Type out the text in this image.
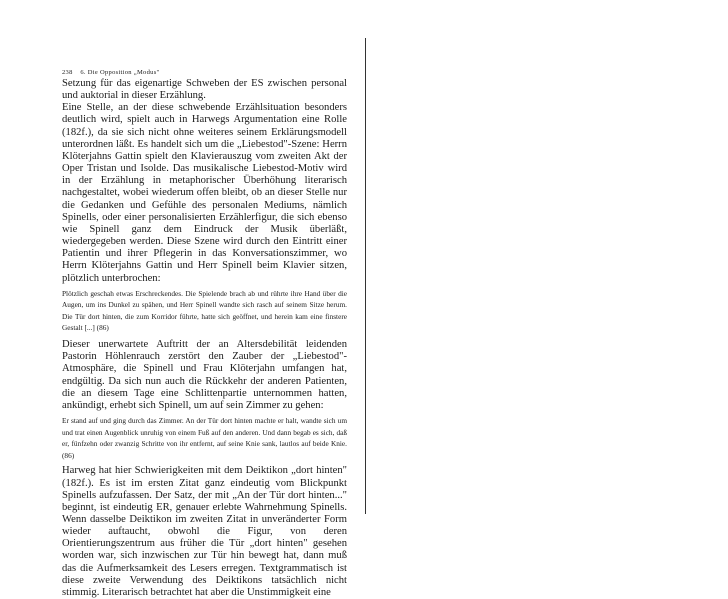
238 6. Die Opposition „Modus"

Setzung für das eigenartige Schweben der ES zwischen personal und auktorial in dieser Erzählung.

Eine Stelle, an der diese schwebende Erzählsituation besonders deutlich wird, spielt auch in Harwegs Argumentation eine Rolle (182f.), da sie sich nicht ohne weiteres seinem Erklärungsmodell unterordnen läßt. Es handelt sich um die „Liebestod"-Szene: Herrn Klöterjahns Gattin spielt den Klavierauszug vom zweiten Akt der Oper Tristan und Isolde. Das musikalische Liebestod-Motiv wird in der Erzählung in metaphorischer Überhöhung literarisch nachgestaltet, wobei wiederum offen bleibt, ob an dieser Stelle nur die Gedanken und Gefühle des personalen Mediums, nämlich Spinells, oder einer personalisierten Erzählerfigur, die sich ebenso wie Spinell ganz dem Eindruck der Musik überläßt, wiedergegeben werden. Diese Szene wird durch den Eintritt einer Patientin und ihrer Pflegerin in das Konversationszimmer, wo Herrn Klöterjahns Gattin und Herr Spinell beim Klavier sitzen, plötzlich unterbrochen:

Plötzlich geschah etwas Erschreckendes. Die Spielende brach ab und rührte ihre Hand über die Augen, um ins Dunkel zu spähen, und Herr Spinell wandte sich rasch auf seinem Sitze herum. Die Tür dort hinten, die zum Korridor führte, hatte sich geöffnet, und herein kam eine finstere Gestalt [...] (86)

Dieser unerwartete Auftritt der an Altersdebilität leidenden Pastorin Höhlenrauch zerstört den Zauber der „Liebestod"-Atmosphäre, die Spinell und Frau Klöterjahn umfangen hat, endgültig. Da sich nun auch die Rückkehr der anderen Patienten, die an diesem Tage eine Schlittenpartie unternommen hatten, ankündigt, erhebt sich Spinell, um auf sein Zimmer zu gehen:

Er stand auf und ging durch das Zimmer. An der Tür dort hinten machte er halt, wandte sich um und trat einen Augenblick unruhig von einem Fuß auf den anderen. Und dann begab es sich, daß er, fünfzehn oder zwanzig Schritte von ihr entfernt, auf seine Knie sank, lautlos auf beide Knie. (86)

Harweg hat hier Schwierigkeiten mit dem Deiktikon „dort hinten" (182f.). Es ist im ersten Zitat ganz eindeutig vom Blickpunkt Spinells aufzufassen. Der Satz, der mit „An der Tür dort hinten..." beginnt, ist eindeutig ER, genauer erlebte Wahrnehmung Spinells. Wenn dasselbe Deiktikon im zweiten Zitat in unveränderter Form wieder auftaucht, obwohl die Figur, von deren Orientierungszentrum aus früher die Tür „dort hinten" gesehen worden war, sich inzwischen zur Tür hin bewegt hat, dann muß das die Aufmerksamkeit des Lesers erregen. Textgrammatisch ist diese zweite Verwendung des Deiktikons tatsächlich nicht stimmig. Literarisch betrachtet hat aber die Unstimmigkeit eine
